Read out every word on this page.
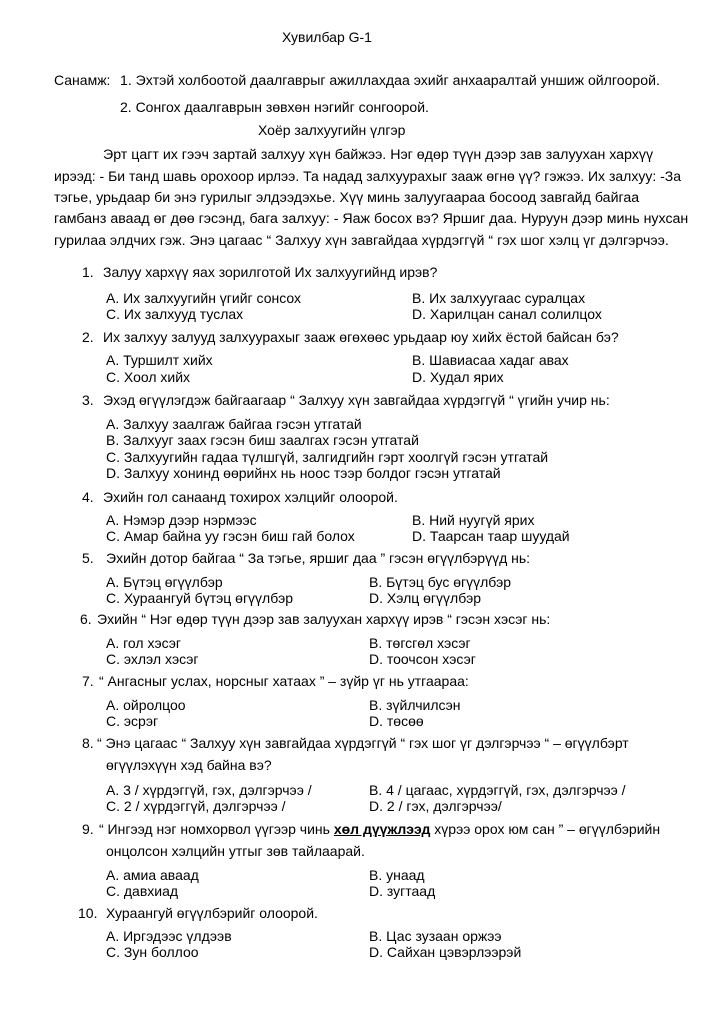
Хувилбар G-1
Санамж: 1. Эхтэй холбоотой даалгаврыг ажиллахдаа эхийг анхааралтай уншиж ойлгоорой.
2. Сонгох даалгаврын зөвхөн нэгийг сонгоорой.
Хоёр залхуугийн үлгэр
Эрт цагт их гээч зартай залхуу хүн байжээ. Нэг өдөр түүн дээр зав залуухан хархүү
ирээд: - Би танд шавь орохоор ирлээ. Та надад залхуурахыг зааж өгнө үү? гэжээ. Их залхуу: -За
тэгье, урьдаар би энэ гурилыг элдээдэхье. Хүү минь залуугаараа босоод завгайд байгаа
гамбанз аваад өг дөө гэсэнд, бага залхуу: - Яаж босох вэ? Яршиг даа. Нуруун дээр минь нухсан
гурилаа элдчих гэж. Энэ цагаас “ Залхуу хүн завгайдаа хүрдэггүй “ гэх шог хэлц үг дэлгэрчээ.
1. Залуу хархүү яах зорилготой Их залхуугийнд ирэв?
A. Их залхуугийн үгийг сонсох	B. Их залхуугаас суралцах
C. Их залхууд туслах	D. Харилцан санал солилцох
2. Их залхуу залууд залхуурахыг зааж өгөхөөс урьдаар юу хийх ёстой байсан бэ?
A. Туршилт хийх	B. Шавиасаа хадаг авах
C. Хоол хийх	D. Худал ярих
3. Эхэд өгүүлэгдэж байгаагаар “ Залхуу хүн завгайдаа хүрдэггүй “ үгийн учир нь:
A. Залхуу заалгаж байгаа гэсэн утгатай
B. Залхууг заах гэсэн биш заалгах гэсэн утгатай
C. Залхуугийн гадаа түлшгүй, залгидгийн гэрт хоолгүй гэсэн утгатай
D. Залхуу хонинд өөрийнх нь ноос тээр болдог гэсэн утгатай
4. Эхийн гол санаанд тохирох хэлцийг олоорой.
A. Нэмэр дээр нэрмээс	B. Ний нуугүй ярих
C. Амар байна уу гэсэн биш гай болох	D. Таарсан таар шуудай
5. Эхийн дотор байгаа “ За тэгье, яршиг даа ” гэсэн өгүүлбэрүүд нь:
A. Бүтэц өгүүлбэр	B. Бүтэц бус өгүүлбэр
C. Хураангуй бүтэц өгүүлбэр	D. Хэлц өгүүлбэр
6. Эхийн “ Нэг өдөр түүн дээр зав залуухан хархүү ирэв “ гэсэн хэсэг нь:
A. гол хэсэг	B. төгсгөл хэсэг
C. эхлэл хэсэг	D. тоочсон хэсэг
7. “ Ангасныг услах, норсныг хатаах ” – зүйр үг нь утгаараа:
A. ойролцоо	B. зүйлчилсэн
C. эсрэг	D. төсөө
8. “ Энэ цагаас “ Залхуу хүн завгайдаа хүрдэггүй “ гэх шог үг дэлгэрчээ “ – өгүүлбэрт
өгүүлэхүүн хэд байна вэ?
A. 3 / хүрдэггүй, гэх, дэлгэрчээ /	B. 4 / цагаас, хүрдэггүй, гэх, дэлгэрчээ /
C. 2 / хүрдэггүй, дэлгэрчээ /	D. 2 / гэх, дэлгэрчээ/
9. “ Ингээд нэг номхорвол үүгээр чинь хөл дүүжлээд хүрээ орох юм сан ” – өгүүлбэрийн
онцолсон хэлцийн утгыг зөв тайлаарай.
A. амиа аваад	B. унаад
C. давхиад	D. зугтаад
10. Хураангуй өгүүлбэрийг олоорой.
A. Иргэдээс үлдээв	B. Цас зузаан оржээ
C. Зун боллоо	D. Сайхан цэвэрлээрэй
